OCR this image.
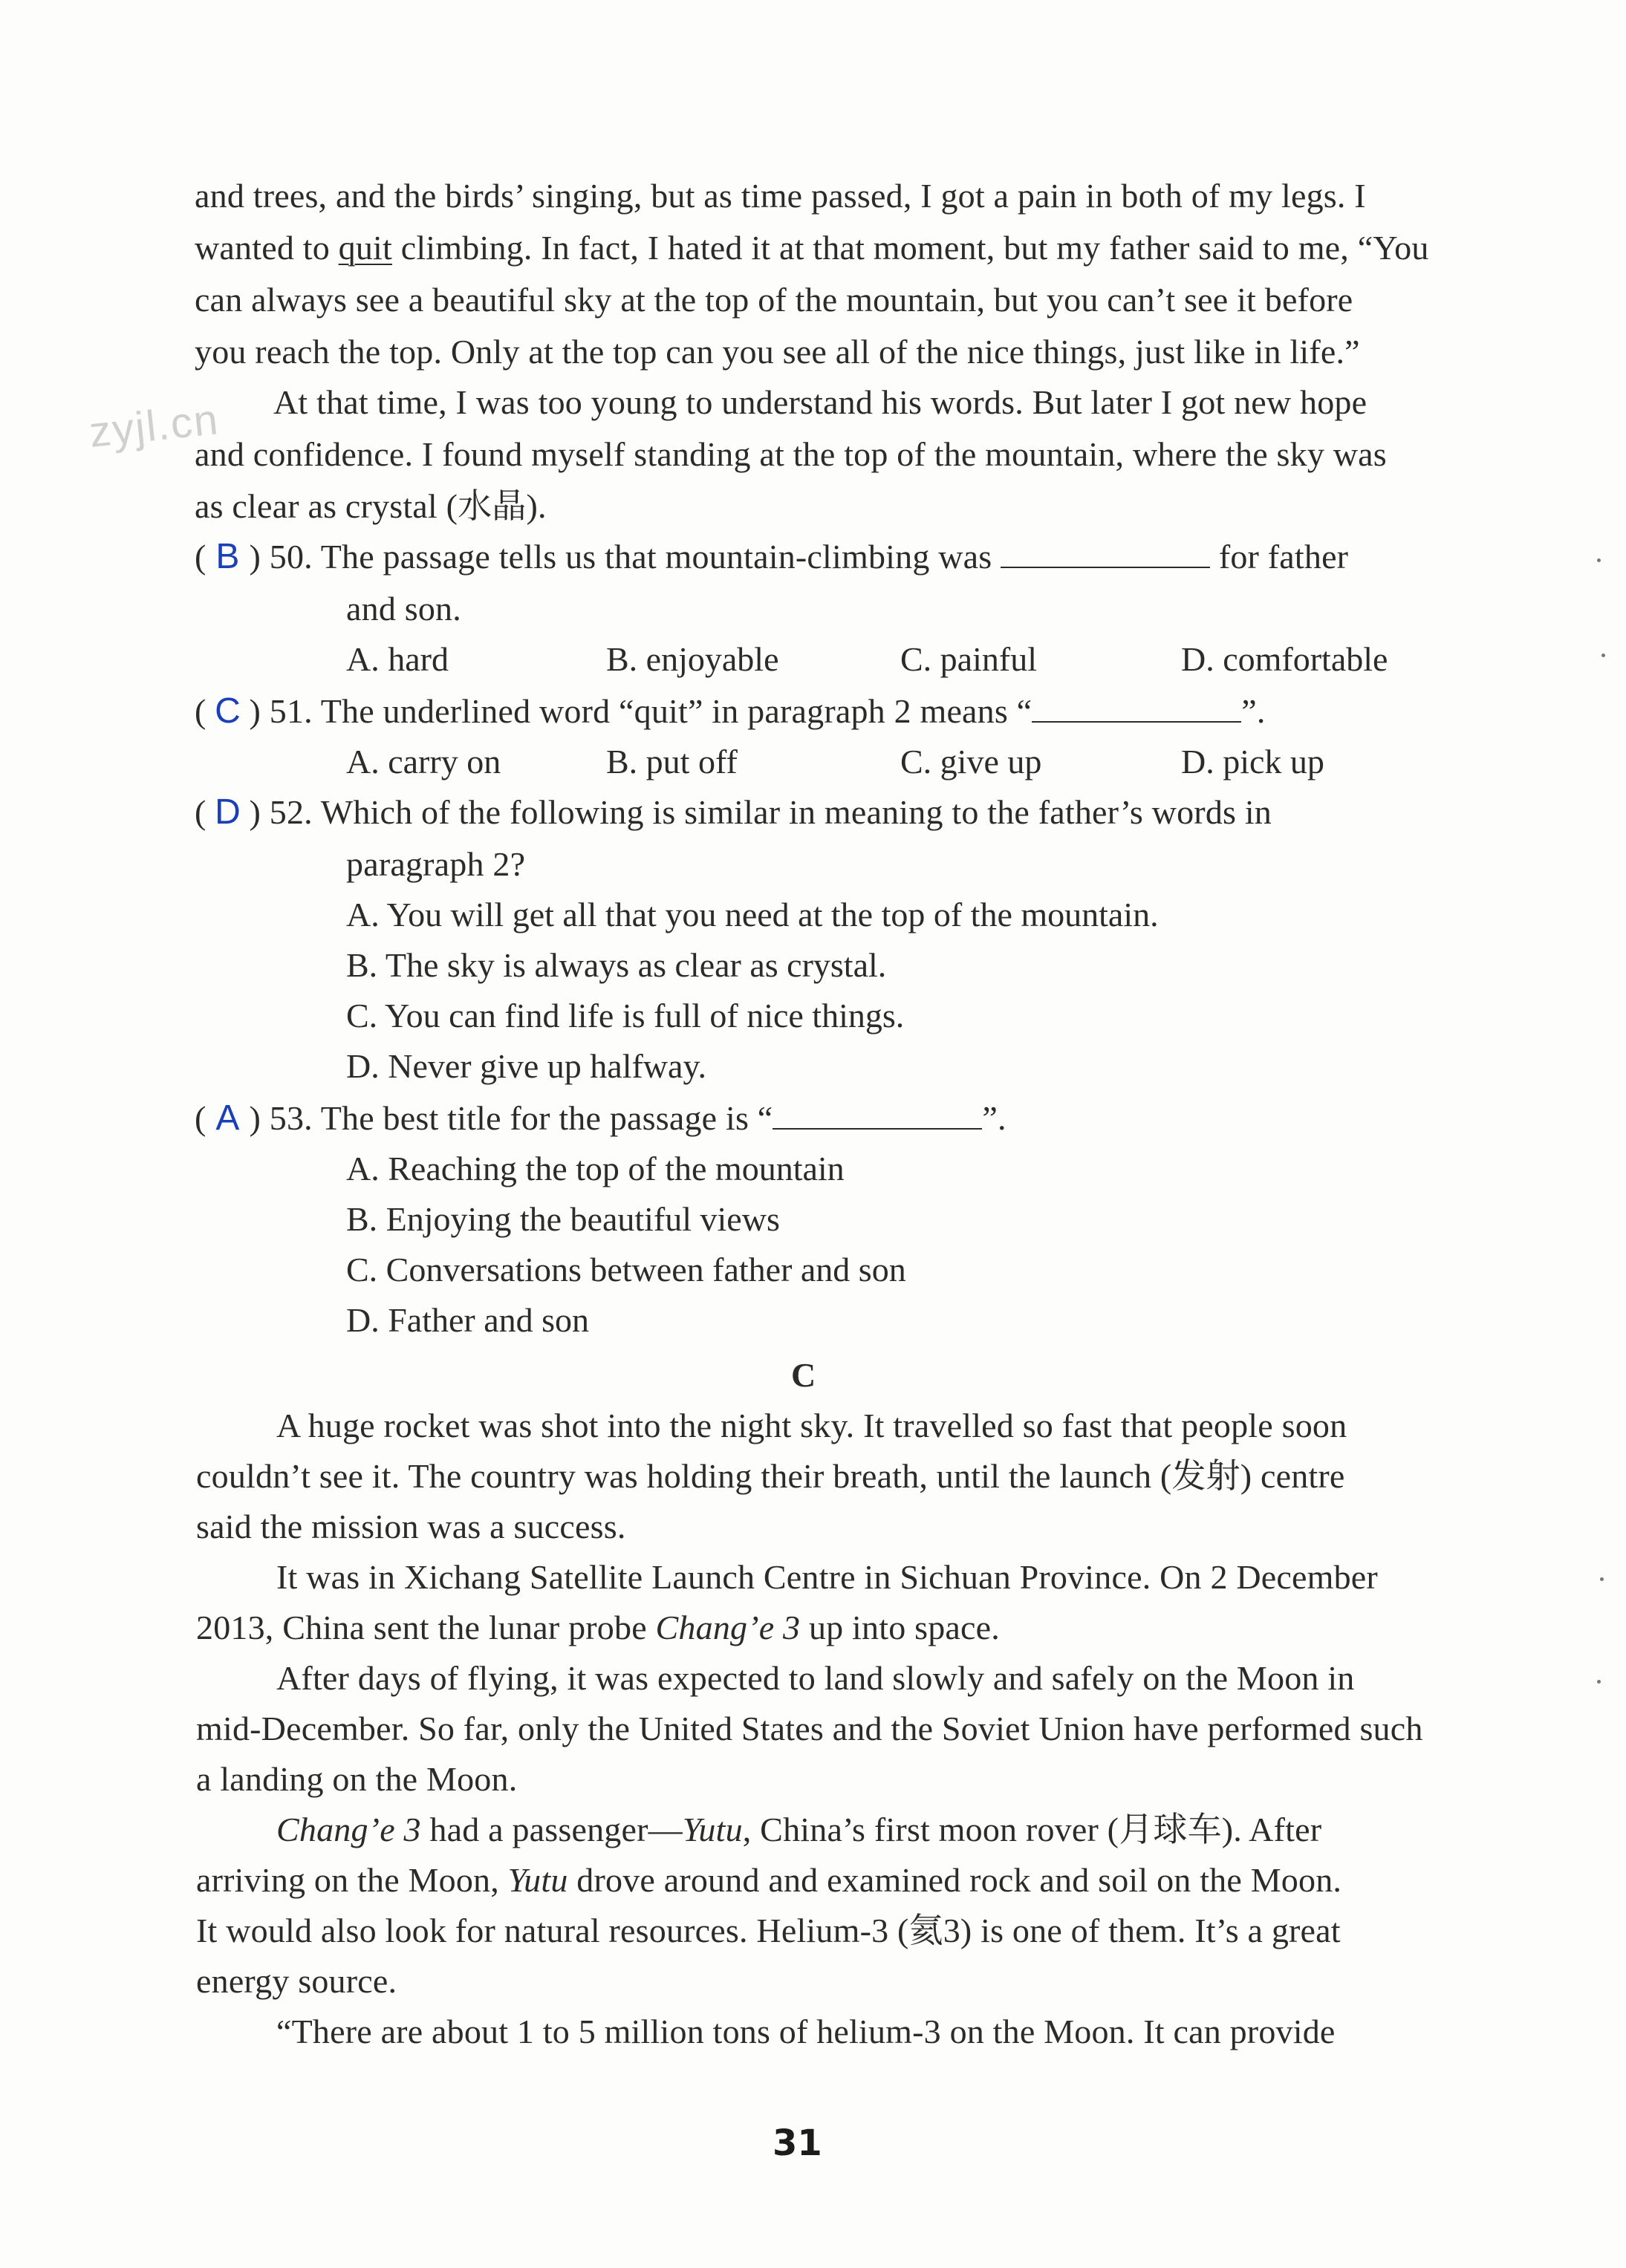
zyjl.cn
and trees, and the birds’ singing, but as time passed, I got a pain in both of my legs. I
wanted to quit climbing. In fact, I hated it at that moment, but my father said to me, “You
can always see a beautiful sky at the top of the mountain, but you can’t see it before
you reach the top. Only at the top can you see all of the nice things, just like in life.”
At that time, I was too young to understand his words. But later I got new hope
and confidence. I found myself standing at the top of the mountain, where the sky was
as clear as crystal (水晶).
( B ) 50. The passage tells us that mountain-climbing was	for father
and son.
A. hard	B. enjoyable	C. painful	D. comfortable
( C ) 51. The underlined word “quit” in paragraph 2 means “	”.
A. carry on	B. put off	C. give up	D. pick up
( D ) 52. Which of the following is similar in meaning to the father’s words in
paragraph 2?
A. You will get all that you need at the top of the mountain.
B. The sky is always as clear as crystal.
C. You can find life is full of nice things.
D. Never give up halfway.
( A ) 53. The best title for the passage is “	”.
A. Reaching the top of the mountain
B. Enjoying the beautiful views
C. Conversations between father and son
D. Father and son
C
A huge rocket was shot into the night sky. It travelled so fast that people soon
couldn’t see it. The country was holding their breath, until the launch (发射) centre
said the mission was a success.
It was in Xichang Satellite Launch Centre in Sichuan Province. On 2 December
2013, China sent the lunar probe Chang’e 3 up into space.
After days of flying, it was expected to land slowly and safely on the Moon in
mid-December. So far, only the United States and the Soviet Union have performed such
a landing on the Moon.
Chang’e 3 had a passenger—Yutu, China’s first moon rover (月球车). After
arriving on the Moon, Yutu drove around and examined rock and soil on the Moon.
It would also look for natural resources. Helium-3 (氦3) is one of them. It’s a great
energy source.
“There are about 1 to 5 million tons of helium-3 on the Moon. It can provide
31
